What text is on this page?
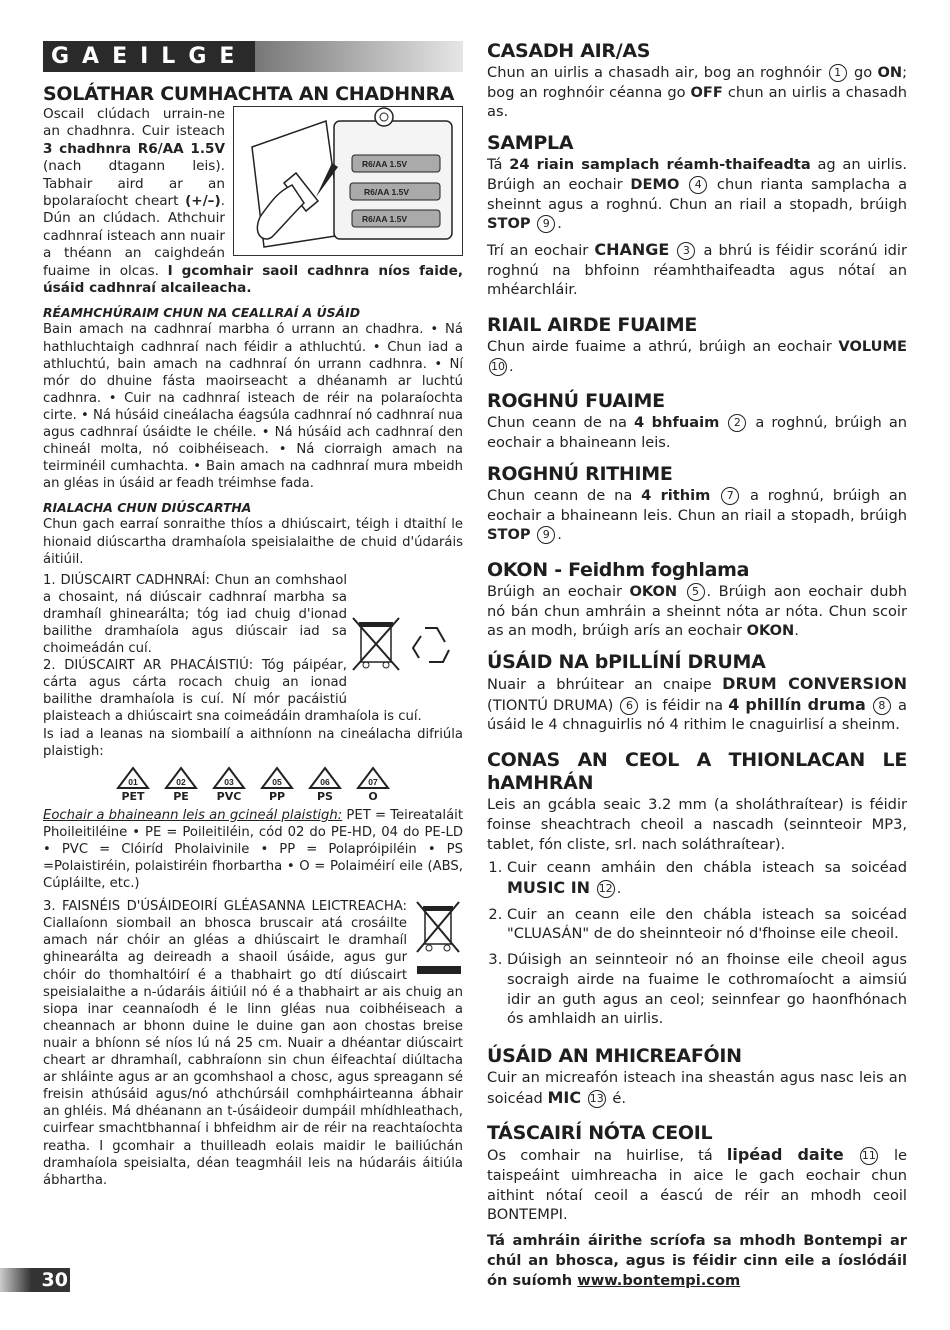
GAEILGE
SOLÁTHAR CUMHACHTA AN CHADHNRA
R6/AA 1.5V
R6/AA 1.5V
R6/AA 1.5V

Oscail clúdach urrain-ne an chadhnra. Cuir isteach 3 chadhnra R6/AA 1.5V (nach dtagann leis). Tabhair aird ar an bpolaraíocht cheart (+/–). Dún an clúdach. Athchuir cadhnraí isteach ann nuair a théann an caighdeán fuaime in olcas. I gcomhair saoil cadhnra níos faide, úsáid cadhnraí alcaileacha.

RÉAMHCHÚRAIM CHUN NA CEALLRAÍ A ÚSÁID

Bain amach na cadhnraí marbha ó urrann an chadhra. • Ná hathluchtaigh cadhnraí nach féidir a athluchtú. • Chun iad a athluchtú, bain amach na cadhnraí ón urrann cadhnra. • Ní mór do dhuine fásta maoirseacht a dhéanamh ar luchtú cadhnra. • Cuir na cadhnraí isteach de réir na polaraíochta cirte. • Ná húsáid cineálacha éagsúla cadhnraí nó cadhnraí nua agus cadhnraí úsáidte le chéile. • Ná húsáid ach cadhnraí den chineál molta, nó coibhéiseach. • Ná ciorraigh amach na teirminéil cumhachta. • Bain amach na cadhnraí mura mbeidh an gléas in úsáid ar feadh tréimhse fada.

RIALACHA CHUN DIÚSCARTHA

Chun gach earraí sonraithe thíos a dhiúscairt, téigh i dtaithí le hionaid diúscartha dramhaíola speisialaithe de chuid d'údaráis áitiúil.

1. DIÚSCAIRT CADHNRAÍ: Chun an comhshaol a chosaint, ná diúscair cadhnraí marbha sa dramhaíl ghinearálta; tóg iad chuig d'ionad bailithe dramhaíola agus diúscair iad sa choimeádán cuí.

2. DIÚSCAIRT AR PHACÁISTIÚ: Tóg páipéar, cárta agus cárta rocach chuig an ionad bailithe dramhaíola is cuí. Ní mór pacáistiú plaisteach a dhiúscairt sna coimeádáin dramhaíola is cuí.

Is iad a leanas na siombailí a aithníonn na cineálacha difriúla plaistigh:

01
PET
02
PE
03
PVC
05
PP
06
PS
07
O

Eochair a bhaineann leis an gcineál plaistigh: PET = Teireataláit Phoileitiléine • PE = Poileitiléin, cód 02 do PE-HD, 04 do PE-LD • PVC = Clóiríd Pholaivinile • PP = Polapróipiléin • PS =Polaistiréin, polaistiréin fhorbartha • O = Polaiméirí eile (ABS, Cúpláilte, etc.)

3. FAISNÉIS D'ÚSÁIDEOIRÍ GLÉASANNA LEICTREACHA: Ciallaíonn siombail an bhosca bruscair atá crosáilte amach nár chóir an gléas a dhiúscairt le dramhaíl ghinearálta ag deireadh a shaoil úsáide, agus gur chóir do thomhaltóirí é a thabhairt go dtí diúscairt speisialaithe a n-údaráis áitiúil nó é a thabhairt ar ais chuig an siopa inar ceannaíodh é le linn gléas nua coibhéiseach a cheannach ar bhonn duine le duine gan aon chostas breise nuair a bhíonn sé níos lú ná 25 cm. Nuair a dhéantar diúscairt cheart ar dhramhaíl, cabhraíonn sin chun éifeachtaí diúltacha ar shláinte agus ar an gcomhshaol a chosc, agus spreagann sé freisin athúsáid agus/nó athchúrsáil comhpháirteanna ábhair an ghléis. Má dhéanann an t-úsáideoir dumpáil mhídhleathach, cuirfear smachtbhannaí i bhfeidhm air de réir na reachtaíochta reatha. I gcomhair a thuilleadh eolais maidir le bailiúchán dramhaíola speisialta, déan teagmháil leis na húdaráis áitiúla ábhartha.

30
CASADH AIR/AS

Chun an uirlis a chasadh air, bog an roghnóir 1 go ON; bog an roghnóir céanna go OFF chun an uirlis a chasadh as.

SAMPLA

Tá 24 riain samplach réamh-thaifeadta ag an uirlis. Brúigh an eochair DEMO 4 chun rianta samplacha a sheinnt agus a roghnú. Chun an riail a stopadh, brúigh STOP 9 .

Trí an eochair CHANGE 3 a bhrú is féidir scoránú idir roghnú na bhfoinn réamhthaifeadta agus nótaí an mhéarchláir.

RIAIL AIRDE FUAIME

Chun airde fuaime a athrú, brúigh an eochair VOLUME 10 .

ROGHNÚ FUAIME

Chun ceann de na 4 bhfuaim 2 a roghnú, brúigh an eochair a bhaineann leis.

ROGHNÚ RITHIME

Chun ceann de na 4 rithim 7 a roghnú, brúigh an eochair a bhaineann leis. Chun an riail a stopadh, brúigh STOP 9 .

OKON - Feidhm foghlama

Brúigh an eochair OKON 5 . Brúigh aon eochair dubh nó bán chun amhráin a sheinnt nóta ar nóta. Chun scoir as an modh, brúigh arís an eochair OKON.

ÚSÁID NA bPILLÍNÍ DRUMA

Nuair a bhrúitear an cnaipe DRUM CONVERSION (TIONTÚ DRUMA) 6 is féidir na 4 phillín druma 8 a úsáid le 4 chnaguirlis nó 4 rithim le cnaguirlisí a sheinm.

CONAS AN CEOL A THIONLACAN LE hAMHRÁN

Leis an gcábla seaic 3.2 mm (a sholáthraítear) is féidir foinse sheachtrach cheoil a nascadh (seinnteoir MP3, tablet, fón cliste, srl. nach soláthraítear).

1. Cuir ceann amháin den chábla isteach sa soicéad MUSIC IN 12 .
2. Cuir an ceann eile den chábla isteach sa soicéad "CLUASÁN" de do sheinnteoir nó d'fhoinse eile cheoil.
3. Dúisigh an seinnteoir nó an fhoinse eile cheoil agus socraigh airde na fuaime le cothromaíocht a aimsiú idir an guth agus an ceol; seinnfear go haonfhónach ós amhlaidh an uirlis.
ÚSÁID AN MHICREAFÓIN

Cuir an micreafón isteach ina sheastán agus nasc leis an soicéad MIC 13 é.

TÁSCAIRÍ NÓTA CEOIL

Os comhair na huirlise, tá lipéad daite 11 le taispeáint uimhreacha in aice le gach eochair chun aithint nótaí ceoil a éascú de réir an mhodh ceoil BONTEMPI.

Tá amhráin áirithe scríofa sa mhodh Bontempi ar chúl an bhosca, agus is féidir cinn eile a íoslódáil ón suíomh www.bontempi.com
